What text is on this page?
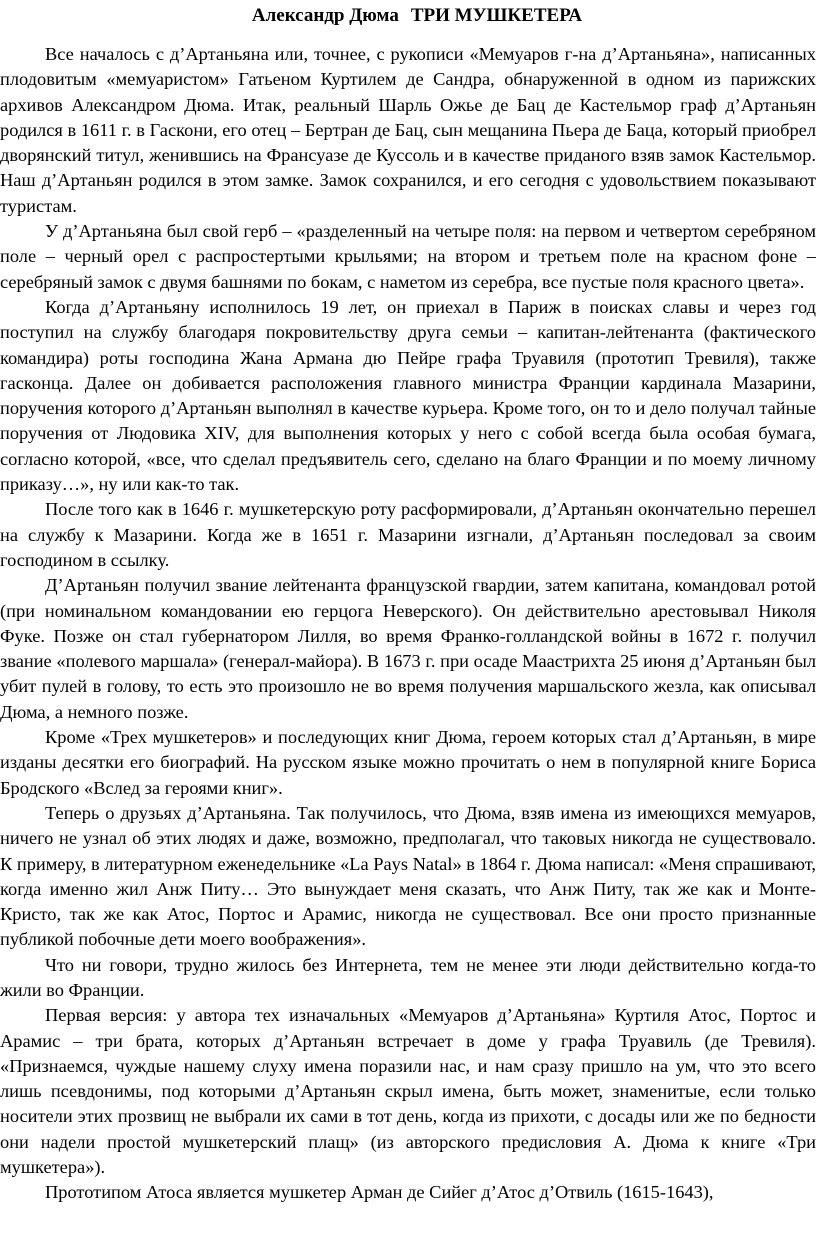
Александр Дюма ТРИ МУШКЕТЕРА

Все началось с д’Артаньяна или, точнее, с рукописи «Мемуаров г-на д’Артаньяна», написанных плодовитым «мемуаристом» Гатьеном Куртилем де Сандра, обнаруженной в одном из парижских архивов Александром Дюма. Итак, реальный Шарль Ожье де Бац де Кастельмор граф д’Артаньян родился в 1611 г. в Гаскони, его отец – Бертран де Бац, сын мещанина Пьера де Баца, который приобрел дворянский титул, женившись на Франсуазе де Куссоль и в качестве приданого взяв замок Кастельмор. Наш д’Артаньян родился в этом замке. Замок сохранился, и его сегодня с удовольствием показывают туристам.

У д’Артаньяна был свой герб – «разделенный на четыре поля: на первом и четвертом серебряном поле – черный орел с распростертыми крыльями; на втором и третьем поле на красном фоне – серебряный замок с двумя башнями по бокам, с наметом из серебра, все пустые поля красного цвета».

Когда д’Артаньяну исполнилось 19 лет, он приехал в Париж в поисках славы и через год поступил на службу благодаря покровительству друга семьи – капитан-лейтенанта (фактического командира) роты господина Жана Армана дю Пейре графа Труавиля (прототип Тревиля), также гасконца. Далее он добивается расположения главного министра Франции кардинала Мазарини, поручения которого д’Артаньян выполнял в качестве курьера. Кроме того, он то и дело получал тайные поручения от Людовика XIV, для выполнения которых у него с собой всегда была особая бумага, согласно которой, «все, что сделал предъявитель сего, сделано на благо Франции и по моему личному приказу…», ну или как-то так.

После того как в 1646 г. мушкетерскую роту расформировали, д’Артаньян окончательно перешел на службу к Мазарини. Когда же в 1651 г. Мазарини изгнали, д’Артаньян последовал за своим господином в ссылку.

Д’Артаньян получил звание лейтенанта французской гвардии, затем капитана, командовал ротой (при номинальном командовании ею герцога Неверского). Он действительно арестовывал Николя Фуке. Позже он стал губернатором Лилля, во время Франко-голландской войны в 1672 г. получил звание «полевого маршала» (генерал-майора). В 1673 г. при осаде Маастрихта 25 июня д’Артаньян был убит пулей в голову, то есть это произошло не во время получения маршальского жезла, как описывал Дюма, а немного позже.

Кроме «Трех мушкетеров» и последующих книг Дюма, героем которых стал д’Артаньян, в мире изданы десятки его биографий. На русском языке можно прочитать о нем в популярной книге Бориса Бродского «Вслед за героями книг».

Теперь о друзьях д’Артаньяна. Так получилось, что Дюма, взяв имена из имеющихся мемуаров, ничего не узнал об этих людях и даже, возможно, предполагал, что таковых никогда не существовало. К примеру, в литературном еженедельнике «La Pays Natal» в 1864 г. Дюма написал: «Меня спрашивают, когда именно жил Анж Питу… Это вынуждает меня сказать, что Анж Питу, так же как и Монте-Кристо, так же как Атос, Портос и Арамис, никогда не существовал. Все они просто признанные публикой побочные дети моего воображения».

Что ни говори, трудно жилось без Интернета, тем не менее эти люди действительно когда-то жили во Франции.

Первая версия: у автора тех изначальных «Мемуаров д’Артаньяна» Куртиля Атос, Портос и Арамис – три брата, которых д’Артаньян встречает в доме у графа Труавиль (де Тревиля). «Признаемся, чуждые нашему слуху имена поразили нас, и нам сразу пришло на ум, что это всего лишь псевдонимы, под которыми д’Артаньян скрыл имена, быть может, знаменитые, если только носители этих прозвищ не выбрали их сами в тот день, когда из прихоти, с досады или же по бедности они надели простой мушкетерский плащ» (из авторского предисловия А. Дюма к книге «Три мушкетера»).

Прототипом Атоса является мушкетер Арман де Сийег д’Атос д’Отвиль (1615-1643),
